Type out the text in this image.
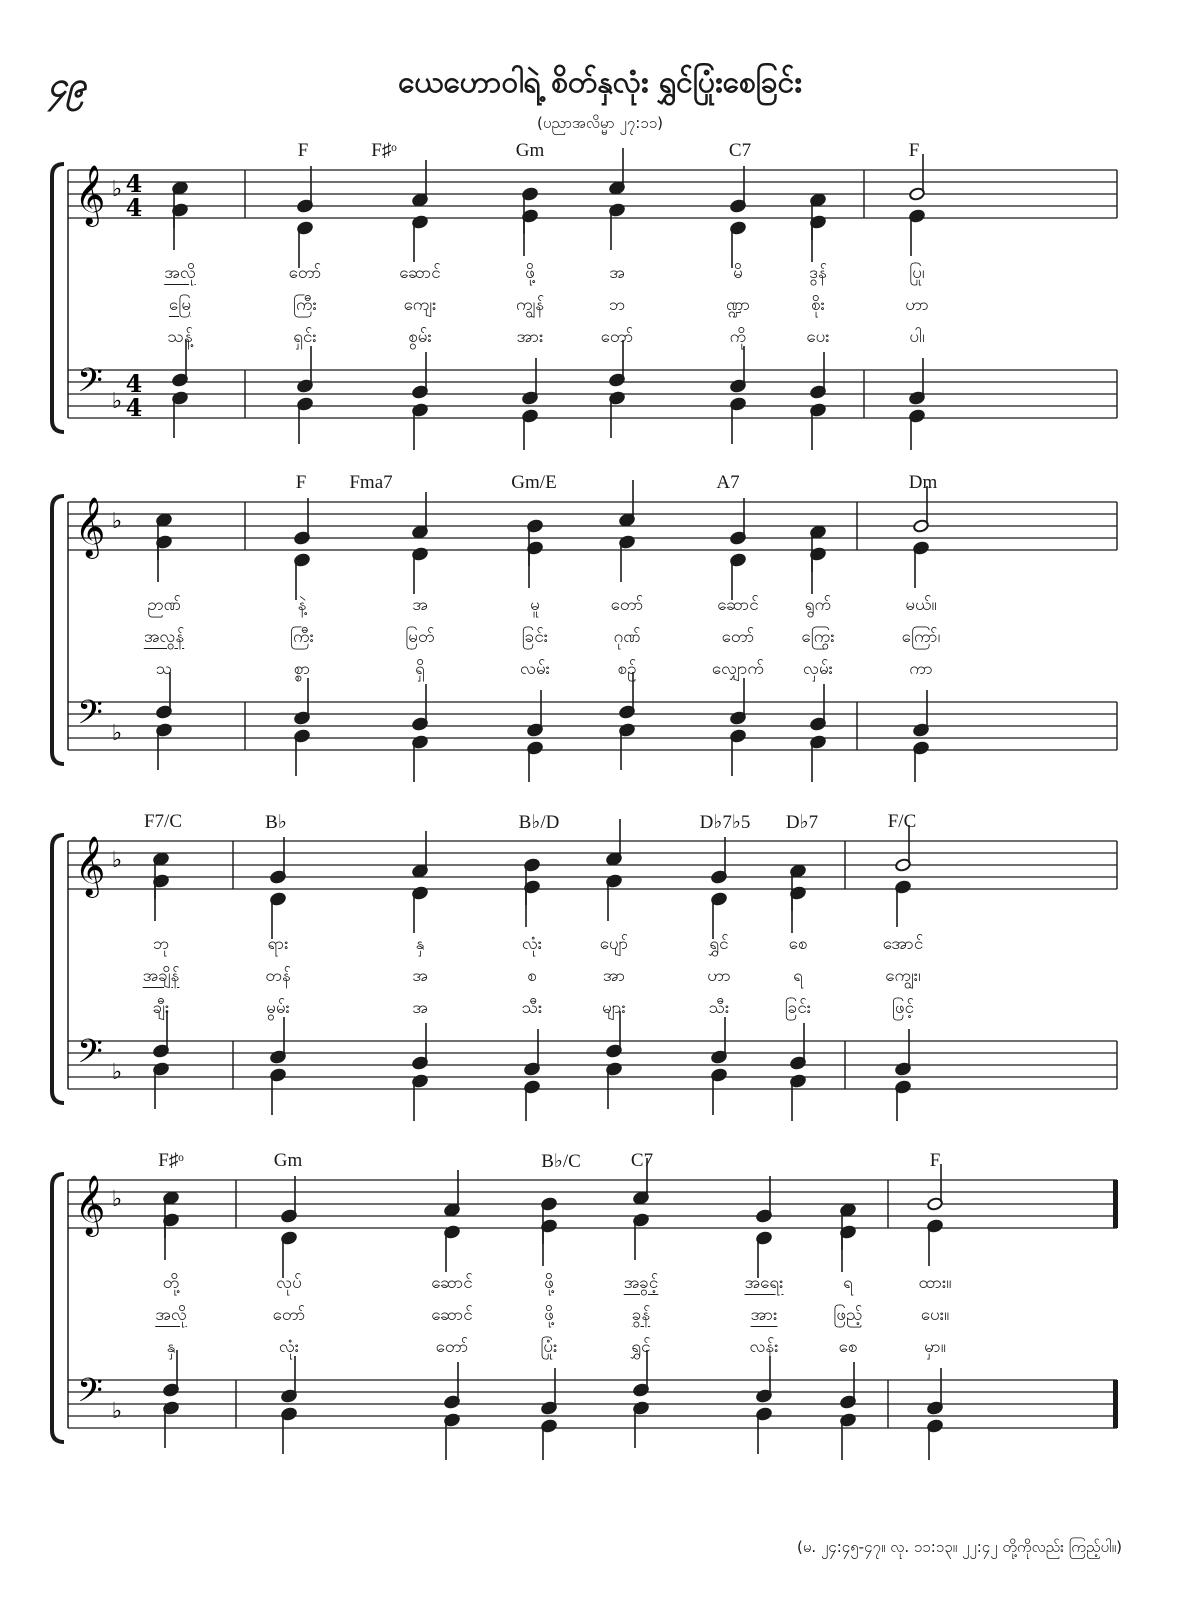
၄၉	ယေဟောဝါရဲ့ စိတ်နှလုံး ရွှင်ပြုံးစေခြင်း
(ပညာအလိမ္မာ ၂၇:၁၁)
𝄞
𝄢
♭
♭
4
4
4
4
F	F♯ᵒ	Gm	C7	F
အလို	တော်	ဆောင်	ဖို့	အ	မိ	ဒွန်	ပြု၊
မြေ	ကြီး	ကျေး	ကျွန်	ဘ	ဏ္ဍာ	စိုး	ဟာ
သန့်	ရှင်း	စွမ်း	အား	တော်	ကို	ပေး	ပါ၊
𝄞
𝄢
♭
♭
F Fma7	Gm/E	A7	Dm
ဉာဏ်	နဲ့	အ	မူ	တော်	ဆောင်	ရွက်	မယ်။
အလွန်	ကြီး	မြတ်	ခြင်း	ဂုဏ်	တော်	ကြွေး	ကြော်၊
သ	စ္စာ	ရှိ	လမ်း	စဉ်	လျှောက် လှမ်း	ကာ
𝄞
𝄢
♭
♭
F7/C	B♭	B♭/D	D♭7♭5 D♭7	F/C
ဘု	ရား	နှ	လုံး	ပျော်	ရွှင်	စေ	အောင်
အချိန်	တန်	အ	စ	အာ	ဟာ	ရ	ကျွေး၊
ချီး	မွမ်း	အ	သီး	များ	သီး	ခြင်း	ဖြင့်
𝄞
𝄢
♭
♭
F♯ᵒ	Gm	B♭/C	C7	F
တို့	လုပ်	ဆောင်	ဖို့	အခွင့်	အရေး	ရ	ထား။
အလို	တော်	ဆောင်	ဖို့	ခွန်	အား	ဖြည့်	ပေး။
နှ	လုံး	တော်	ပြုံး	ရွှင်	လန်း	စေ	မှာ။
(မ. ၂၄:၄၅-၄၇။ လု. ၁၁:၁၃။ ၂၂:၄၂ တို့ကိုလည်း ကြည့်ပါ။)
